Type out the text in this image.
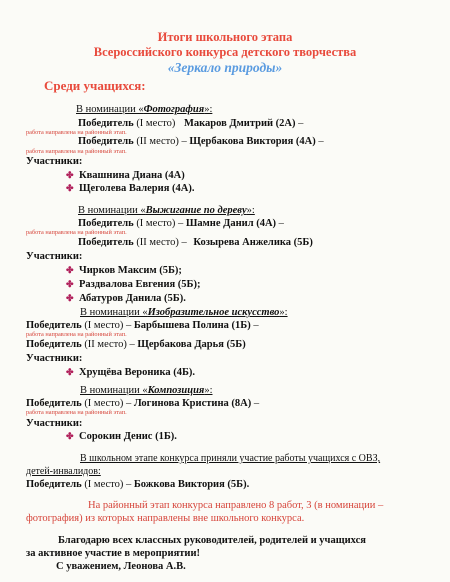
Итоги школьного этапа
Всероссийского конкурса детского творчества
«Зеркало природы»
Среди учащихся:
В номинации «Фотография»:
Победитель (I место) Макаров Дмитрий (2А) –
работа направлена на районный этап.
Победитель (II место) – Щербакова Виктория (4А) –
работа направлена на районный этап.
Участники:
✤ Квашнина Диана (4А)
✤ Щеголева Валерия (4А).
В номинации «Выжигание по дереву»:
Победитель (I место) – Шамне Данил (4А) –
работа направлена на районный этап.
Победитель (II место) – Козырева Анжелика (5Б)
Участники:
✤ Чирков Максим (5Б);
✤ Раздвалова Евгения (5Б);
✤ Абатуров Данила (5Б).
В номинации «Изобразительное искусство»:
Победитель (I место) – Барбышева Полина (1Б) –
работа направлена на районный этап.
Победитель (II место) – Щербакова Дарья (5Б)
Участники:
✤ Хрущёва Вероника (4Б).
В номинации «Композиция»:
Победитель (I место) – Логинова Кристина (8А) –
работа направлена на районный этап.
Участники:
✤ Сорокин Денис (1Б).
В школьном этапе конкурса приняли участие работы учащихся с ОВЗ,
детей-инвалидов:
Победитель (I место) – Божкова Виктория (5Б).
На районный этап конкурса направлено 8 работ, 3 (в номинации –
фотография) из которых направлены вне школьного конкурса.
Благодарю всех классных руководителей, родителей и учащихся
за активное участие в мероприятии!
С уважением, Леонова А.В.
